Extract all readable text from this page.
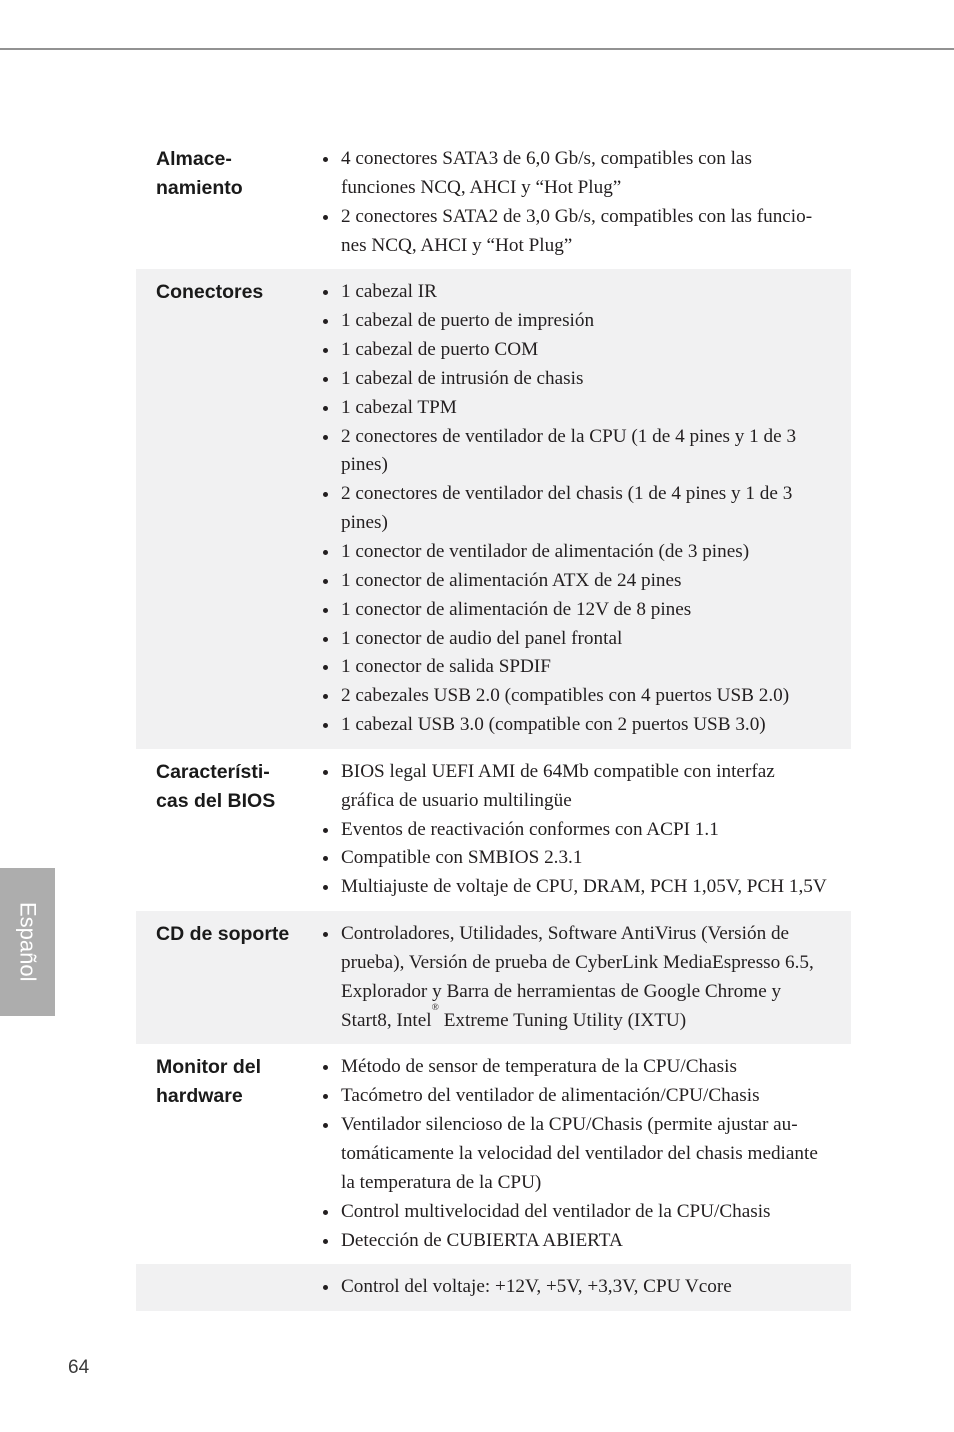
Español
Almace-
namiento
4 conectores SATA3 de 6,0 Gb/s, compatibles con las
funciones NCQ, AHCI y “Hot Plug”
2 conectores SATA2 de 3,0 Gb/s, compatibles con las funcio-
nes NCQ, AHCI y “Hot Plug”
Conectores	1 cabezal IR
1 cabezal de puerto de impresión
1 cabezal de puerto COM
1 cabezal de intrusión de chasis
1 cabezal TPM
2 conectores de ventilador de la CPU (1 de 4 pines y 1 de 3
pines)
2 conectores de ventilador del chasis (1 de 4 pines y 1 de 3
pines)
1 conector de ventilador de alimentación (de 3 pines)
1 conector de alimentación ATX de 24 pines
1 conector de alimentación de 12V de 8 pines
1 conector de audio del panel frontal
1 conector de salida SPDIF
2 cabezales USB 2.0 (compatibles con 4 puertos USB 2.0)
1 cabezal USB 3.0 (compatible con 2 puertos USB 3.0)
Característi-
cas del BIOS
BIOS legal UEFI AMI de 64Mb compatible con interfaz
gráfica de usuario multilingüe
Eventos de reactivación conformes con ACPI 1.1
Compatible con SMBIOS 2.3.1
Multiajuste de voltaje de CPU, DRAM, PCH 1,05V, PCH 1,5V
CD de soporte	Controladores, Utilidades, Software AntiVirus (Versión de
prueba), Versión de prueba de CyberLink MediaEspresso 6.5,
Explorador y Barra de herramientas de Google Chrome y
Start8, Intel® Extreme Tuning Utility (IXTU)
Monitor del
hardware
Método de sensor de temperatura de la CPU/Chasis
Tacómetro del ventilador de alimentación/CPU/Chasis
Ventilador silencioso de la CPU/Chasis (permite ajustar au-
tomáticamente la velocidad del ventilador del chasis mediante
la temperatura de la CPU)
Control multivelocidad del ventilador de la CPU/Chasis
Detección de CUBIERTA ABIERTA
Control del voltaje: +12V, +5V, +3,3V, CPU Vcore
64
